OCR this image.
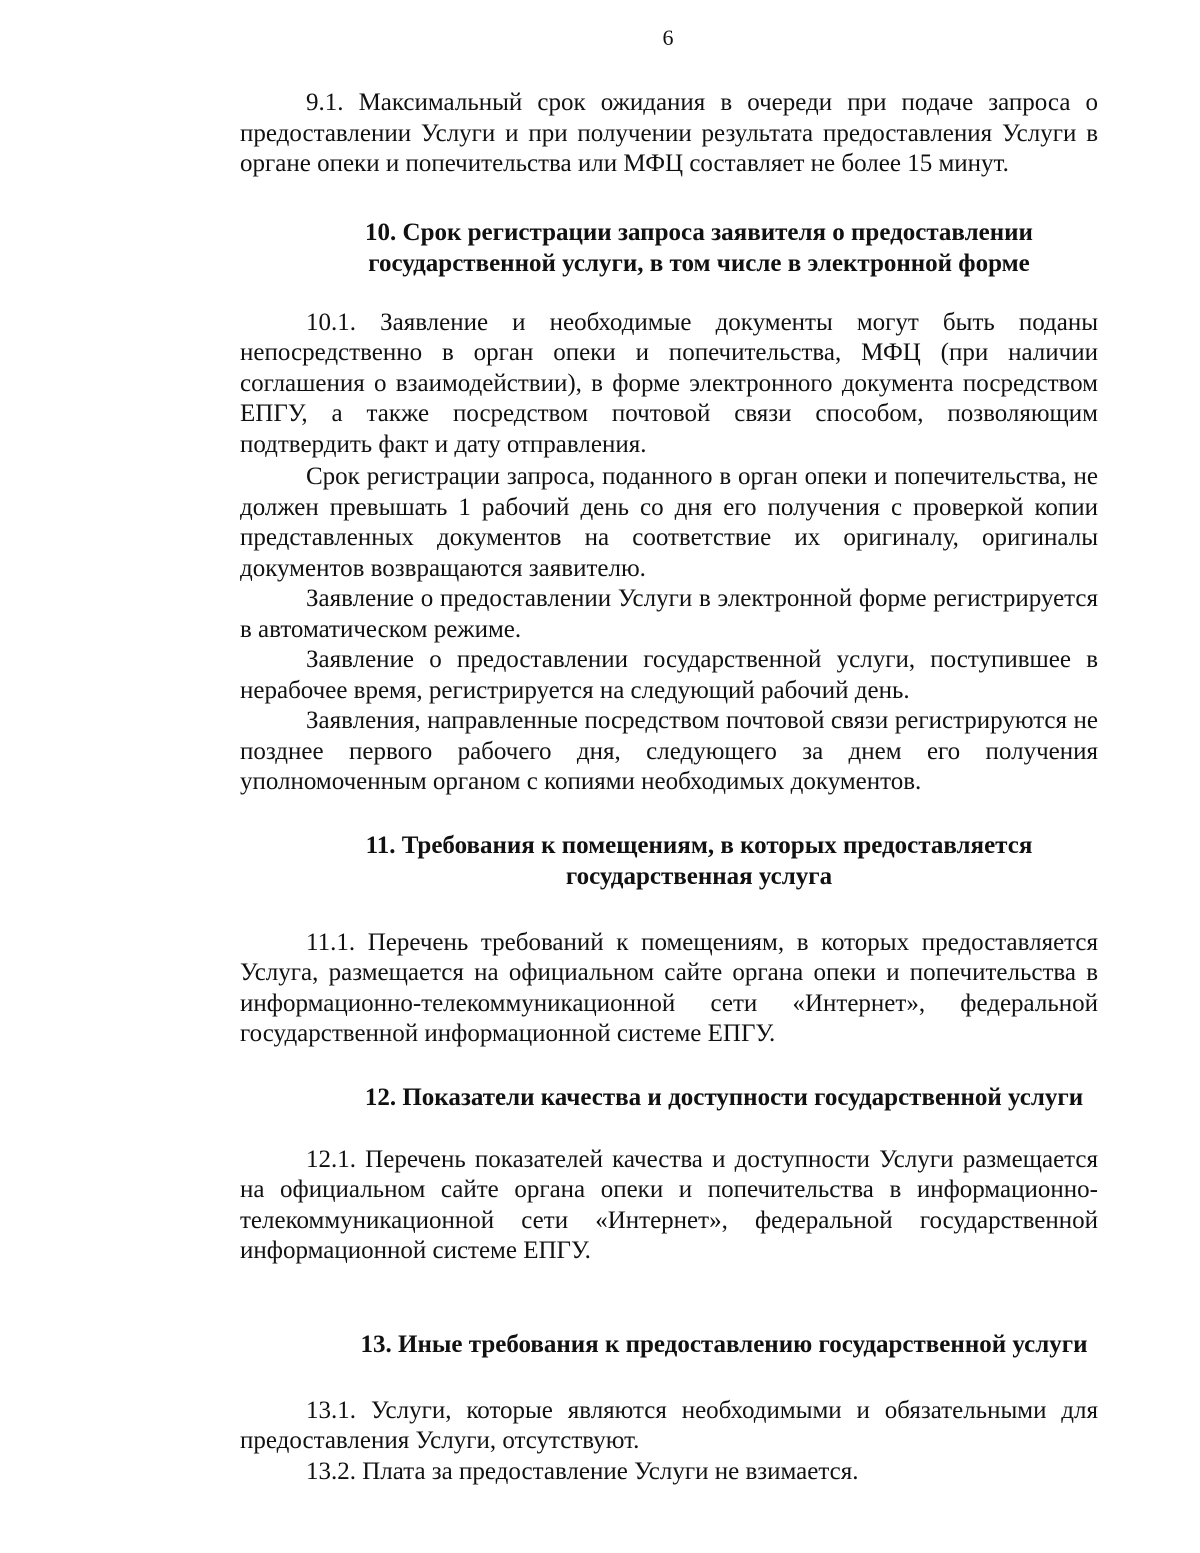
6

9.1. Максимальный срок ожидания в очереди при подаче запроса о предоставлении Услуги и при получении результата предоставления Услуги в органе опеки и попечительства или МФЦ составляет не более 15 минут.

10. Срок регистрации запроса заявителя о предоставлении государственной услуги, в том числе в электронной форме

10.1. Заявление и необходимые документы могут быть поданы непосредственно в орган опеки и попечительства, МФЦ (при наличии соглашения о взаимодействии), в форме электронного документа посредством ЕПГУ, а также посредством почтовой связи способом, позволяющим подтвердить факт и дату отправления.

Срок регистрации запроса, поданного в орган опеки и попечительства, не должен превышать 1 рабочий день со дня его получения с проверкой копии представленных документов на соответствие их оригиналу, оригиналы документов возвращаются заявителю.

Заявление о предоставлении Услуги в электронной форме регистрируется в автоматическом режиме.

Заявление о предоставлении государственной услуги, поступившее в нерабочее время, регистрируется на следующий рабочий день.

Заявления, направленные посредством почтовой связи регистрируются не позднее первого рабочего дня, следующего за днем его получения уполномоченным органом с копиями необходимых документов.

11. Требования к помещениям, в которых предоставляется государственная услуга

11.1. Перечень требований к помещениям, в которых предоставляется Услуга, размещается на официальном сайте органа опеки и попечительства в информационно-телекоммуникационной сети «Интернет», федеральной государственной информационной системе ЕПГУ.

12. Показатели качества и доступности государственной услуги

12.1. Перечень показателей качества и доступности Услуги размещается на официальном сайте органа опеки и попечительства в информационно-телекоммуникационной сети «Интернет», федеральной государственной информационной системе ЕПГУ.

13. Иные требования к предоставлению государственной услуги

13.1. Услуги, которые являются необходимыми и обязательными для предоставления Услуги, отсутствуют.

13.2. Плата за предоставление Услуги не взимается.
